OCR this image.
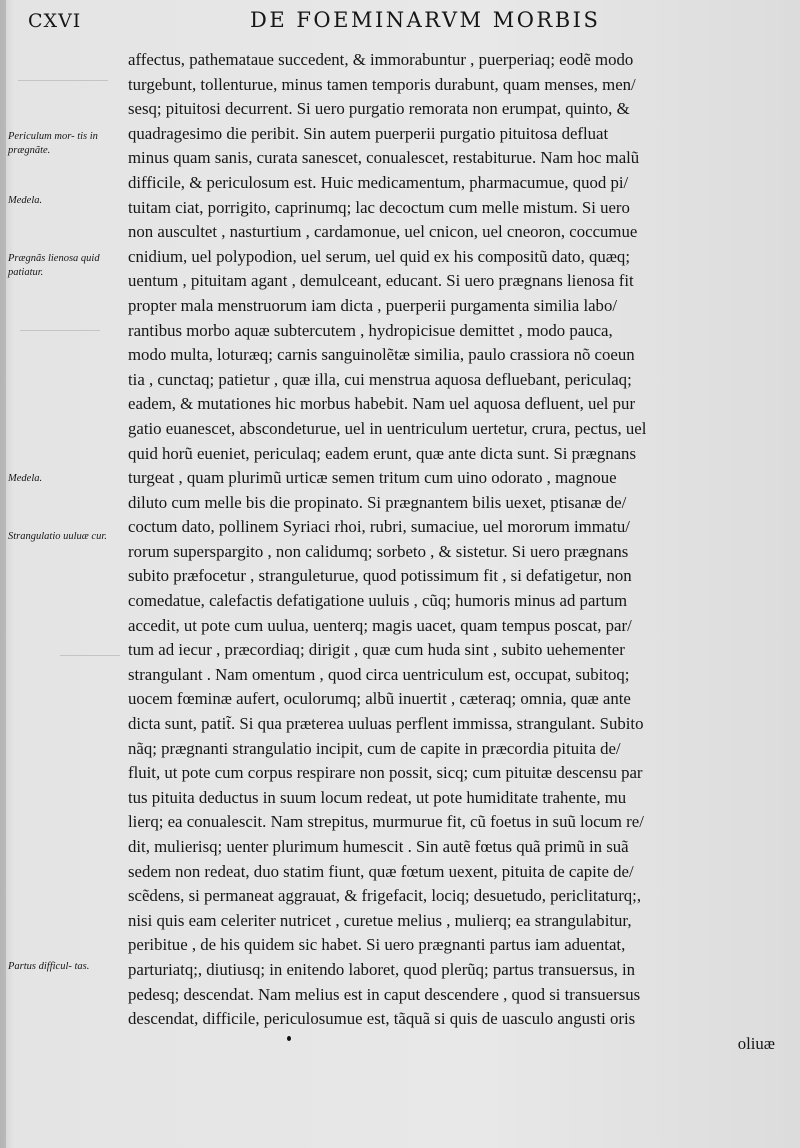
CXVI	DE FOEMINARVM MORBIS
Periculum mor- tis in prægnãte.
Medela.
Prægnãs lienosa quid patiatur.
Medela.
Strangulatio uuluæ cur.
Partus difficul- tas.
affectus, pathemataue succedent, & immorabuntur , puerperiaq; eodẽ modo
turgebunt, tollenturue, minus tamen temporis durabunt, quam menses, men/
sesq; pituitosi decurrent. Si uero purgatio remorata non erumpat, quinto, &
quadragesimo die peribit. Sin autem puerperii purgatio pituitosa defluat
minus quam sanis, curata sanescet, conualescet, restabiturue. Nam hoc malũ
difficile, & periculosum est. Huic medicamentum, pharmacumue, quod pi/
tuitam ciat, porrigito, caprinumq; lac decoctum cum melle mistum. Si uero
non auscultet , nasturtium , cardamonue, uel cnicon, uel cneoron, coccumue
cnidium, uel polypodion, uel serum, uel quid ex his compositũ dato, quæq;
uentum , pituitam agant , demulceant, educant. Si uero prægnans lienosa fit
propter mala menstruorum iam dicta , puerperii purgamenta similia labo/
rantibus morbo aquæ subtercutem , hydropicisue demittet , modo pauca,
modo multa, loturæq; carnis sanguinolẽtæ similia, paulo crassiora nõ coeun
tia , cunctaq; patietur , quæ illa, cui menstrua aquosa defluebant, periculaq;
eadem, & mutationes hic morbus habebit. Nam uel aquosa defluent, uel pur
gatio euanescet, abscondeturue, uel in uentriculum uertetur, crura, pectus, uel
quid horũ eueniet, periculaq; eadem erunt, quæ ante dicta sunt. Si prægnans
turgeat , quam plurimũ urticæ semen tritum cum uino odorato , magnoue
diluto cum melle bis die propinato. Si prægnantem bilis uexet, ptisanæ de/
coctum dato, pollinem Syriaci rhoi, rubri, sumaciue, uel mororum immatu/
rorum superspargito , non calidumq; sorbeto , & sistetur. Si uero prægnans
subito præfocetur , stranguleturue, quod potissimum fit , si defatigetur, non
comedatue, calefactis defatigatione uuluis , cũq; humoris minus ad partum
accedit, ut pote cum uulua, uenterq; magis uacet, quam tempus poscat, par/
tum ad iecur , præcordiaq; dirigit , quæ cum huda sint , subito uehementer
strangulant . Nam omentum , quod circa uentriculum est, occupat, subitoq;
uocem fœminæ aufert, oculorumq; albũ inuertit , cæteraq; omnia, quæ ante
dicta sunt, patit̃. Si qua præterea uuluas perflent immissa, strangulant. Subito
nãq; prægnanti strangulatio incipit, cum de capite in præcordia pituita de/
fluit, ut pote cum corpus respirare non possit, sicq; cum pituitæ descensu par
tus pituita deductus in suum locum redeat, ut pote humiditate trahente, mu
lierq; ea conualescit. Nam strepitus, murmurue fit, cũ foetus in suũ locum re/
dit, mulierisq; uenter plurimum humescit . Sin autẽ fœtus quã primũ in suã
sedem non redeat, duo statim fiunt, quæ fœtum uexent, pituita de capite de/
scẽdens, si permaneat aggrauat, & frigefacit, lociq; desuetudo, periclitaturq;,
nisi quis eam celeriter nutricet , curetue melius , mulierq; ea strangulabitur,
peribitue , de his quidem sic habet. Si uero prægnanti partus iam aduentat,
parturiatq;, diutiusq; in enitendo laboret, quod plerũq; partus transuersus, in
pedesq; descendat. Nam melius est in caput descendere , quod si transuersus
descendat, difficile, periculosumue est, tãquã si quis de uasculo angusti oris
oliuæ
